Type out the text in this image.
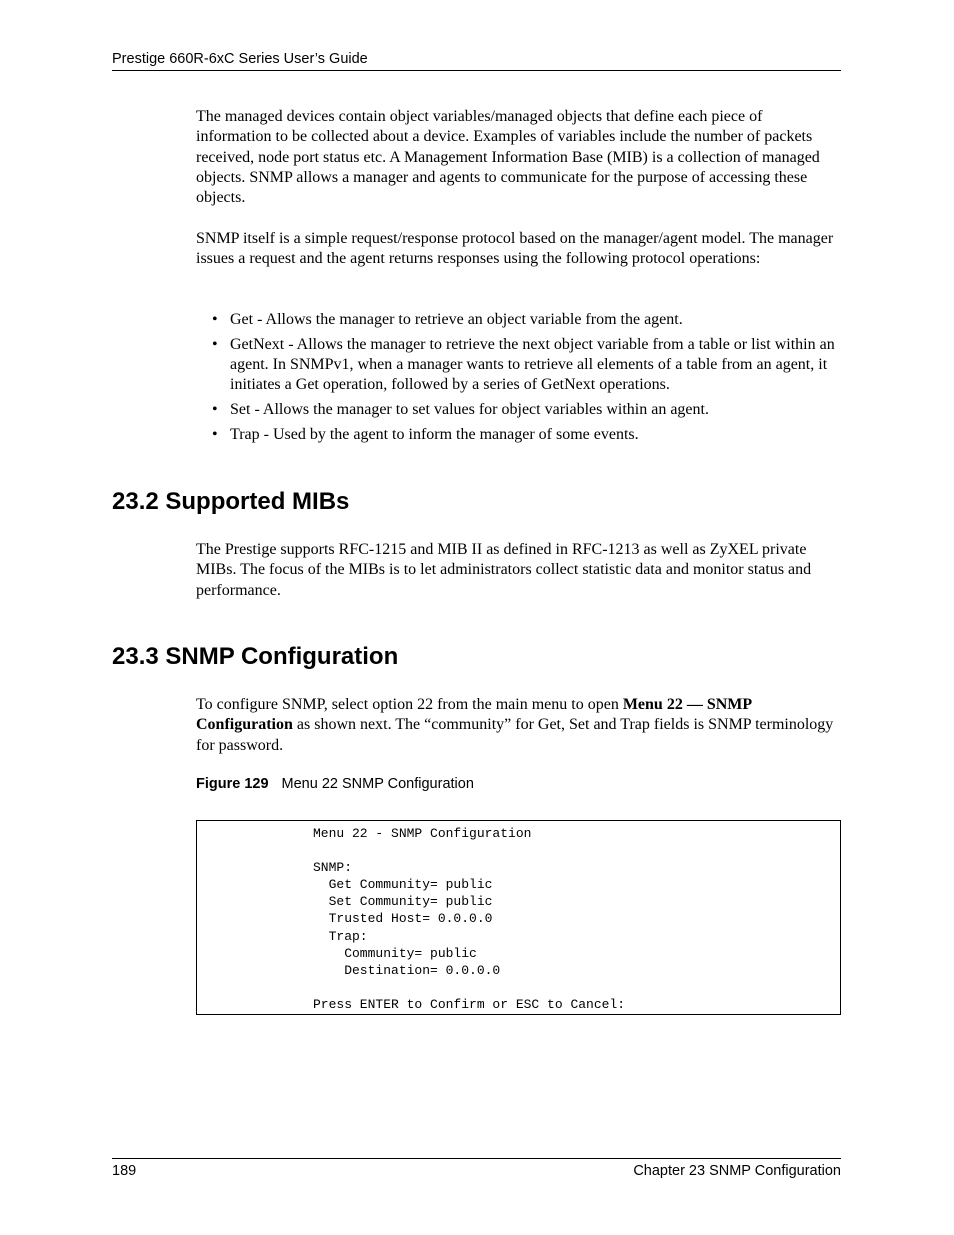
Prestige 660R-6xC Series User’s Guide

The managed devices contain object variables/managed objects that define each piece of information to be collected about a device. Examples of variables include the number of packets received, node port status etc. A Management Information Base (MIB) is a collection of managed objects. SNMP allows a manager and agents to communicate for the purpose of accessing these objects.

SNMP itself is a simple request/response protocol based on the manager/agent model. The manager issues a request and the agent returns responses using the following protocol operations:

• Get - Allows the manager to retrieve an object variable from the agent.
• GetNext - Allows the manager to retrieve the next object variable from a table or list within an agent. In SNMPv1, when a manager wants to retrieve all elements of a table from an agent, it initiates a Get operation, followed by a series of GetNext operations.
• Set - Allows the manager to set values for object variables within an agent.
• Trap - Used by the agent to inform the manager of some events.
23.2 Supported MIBs

The Prestige supports RFC-1215 and MIB II as defined in RFC-1213 as well as ZyXEL private MIBs. The focus of the MIBs is to let administrators collect statistic data and monitor status and performance.

23.3 SNMP Configuration

To configure SNMP, select option 22 from the main menu to open Menu 22 — SNMP Configuration as shown next. The “community” for Get, Set and Trap fields is SNMP terminology for password.

Figure 129 Menu 22 SNMP Configuration
Menu 22 - SNMP Configuration

SNMP:
Get Community= public
Set Community= public
Trusted Host= 0.0.0.0
Trap:
Community= public
Destination= 0.0.0.0

Press ENTER to Confirm or ESC to Cancel:
189	Chapter 23 SNMP Configuration
